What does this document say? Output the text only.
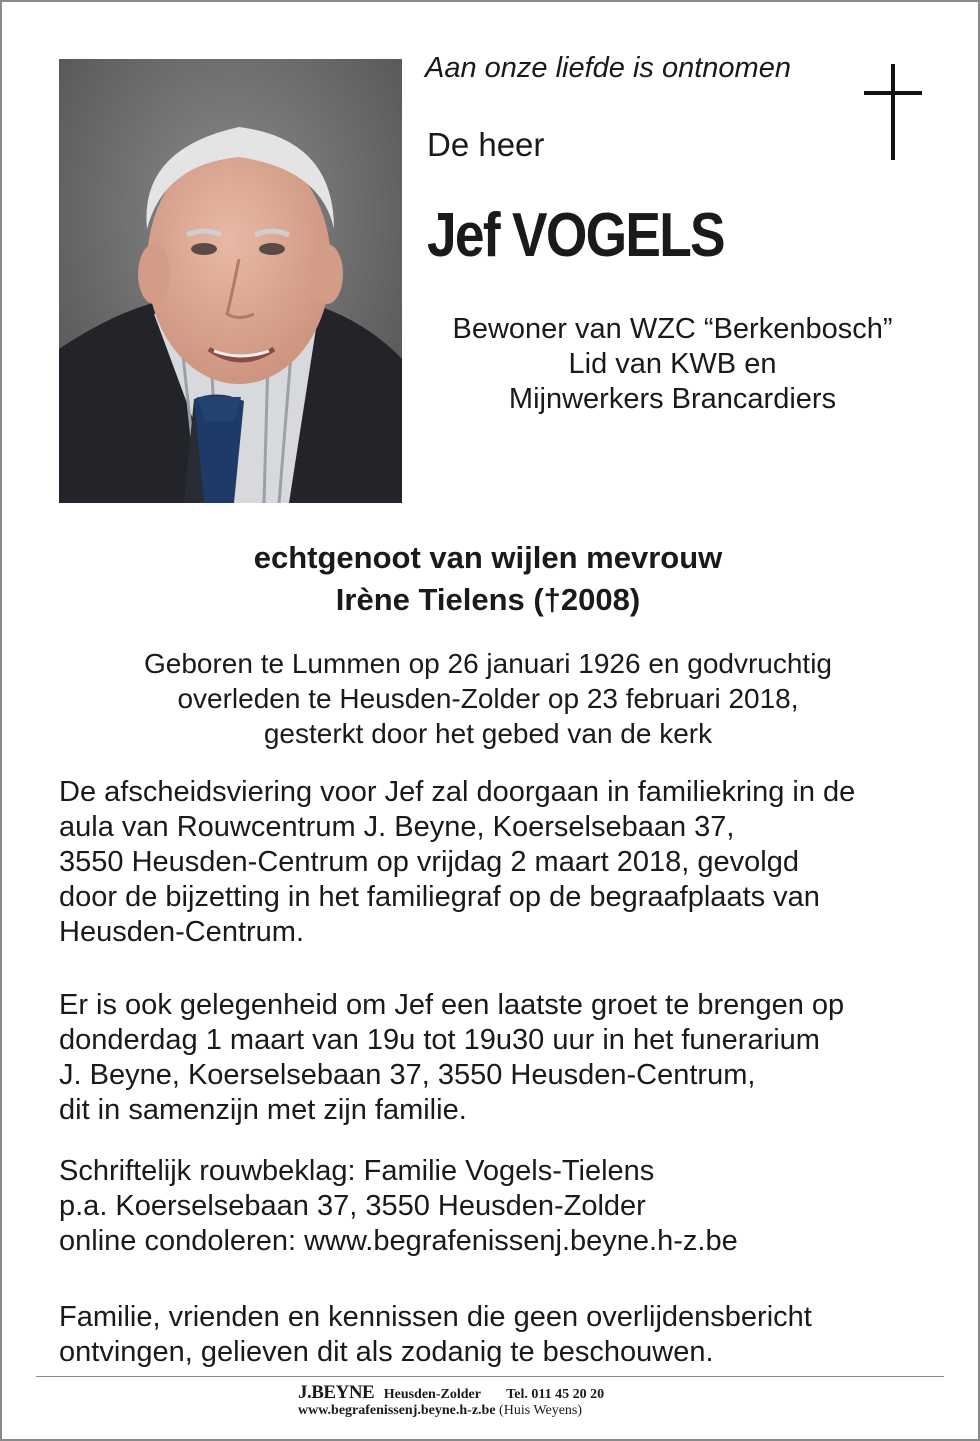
Aan onze liefde is ontnomen
De heer
Jef VOGELS
Bewoner van WZC “Berkenbosch”
Lid van KWB en
Mijnwerkers Brancardiers
echtgenoot van wijlen mevrouw
Irène Tielens (†2008)
Geboren te Lummen op 26 januari 1926 en godvruchtig
overleden te Heusden-Zolder op 23 februari 2018,
gesterkt door het gebed van de kerk
De afscheidsviering voor Jef zal doorgaan in familiekring in de
aula van Rouwcentrum J. Beyne, Koerselsebaan 37,
3550 Heusden-Centrum op vrijdag 2 maart 2018, gevolgd
door de bijzetting in het familiegraf op de begraafplaats van
Heusden-Centrum.
Er is ook gelegenheid om Jef een laatste groet te brengen op
donderdag 1 maart van 19u tot 19u30 uur in het funerarium
J. Beyne, Koerselsebaan 37, 3550 Heusden-Centrum,
dit in samenzijn met zijn familie.
Schriftelijk rouwbeklag: Familie Vogels-Tielens
p.a. Koerselsebaan 37, 3550 Heusden-Zolder
online condoleren: www.begrafenissenj.beyne.h-z.be
Familie, vrienden en kennissen die geen overlijdensbericht
ontvingen, gelieven dit als zodanig te beschouwen.
J.BEYNE Heusden-Zolder Tel. 011 45 20 20
www.begrafenissenj.beyne.h-z.be (Huis Weyens)
